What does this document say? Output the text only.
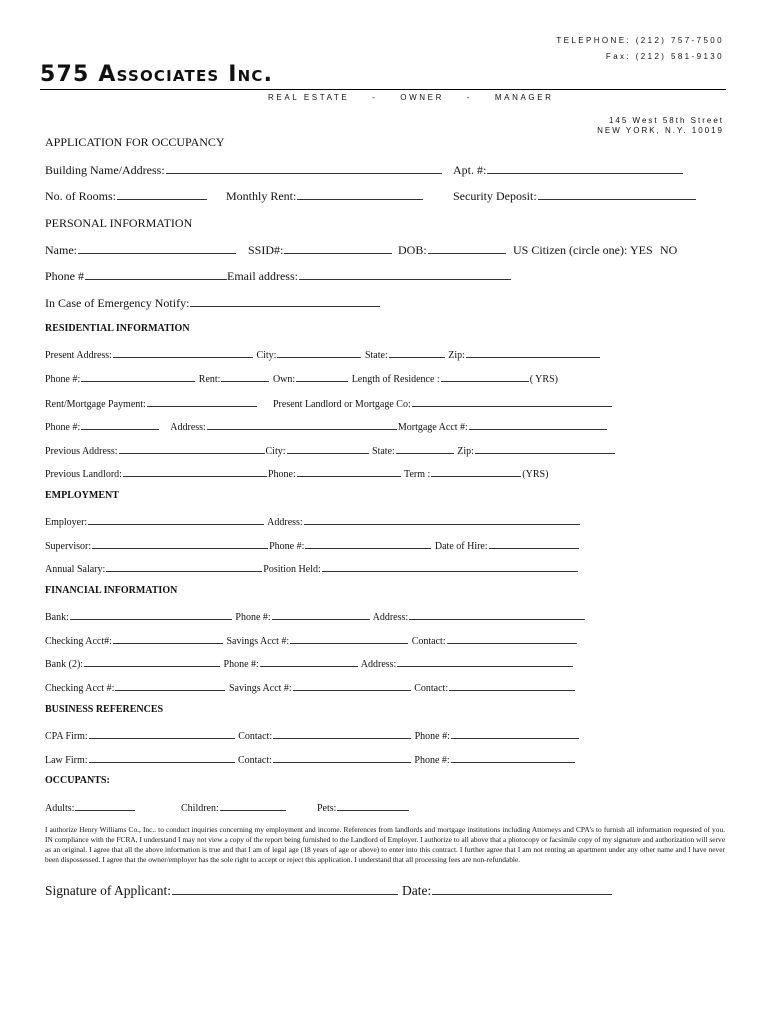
TELEPHONE: (212) 757-7500
Fax: (212) 581-9130
575 Associates Inc.
REAL ESTATE	-	OWNER	-	MANAGER
145 West 58th Street
NEW YORK, N.Y. 10019
APPLICATION FOR OCCUPANCY
Building Name/Address:	Apt. #:
No. of Rooms:	Monthly Rent:	Security Deposit:
PERSONAL INFORMATION
Name:	SSID#:	DOB:	US Citizen (circle one): YES NO
Phone #	Email address:
In Case of Emergency Notify:
RESIDENTIAL INFORMATION
Present Address:	City:	State:	Zip:
Phone #:	Rent:	Own:	Length of Residence :	( YRS)
Rent/Mortgage Payment:	Present Landlord or Mortgage Co:
Phone #:	Address:	Mortgage Acct #:
Previous Address:	City:	State:	Zip:
Previous Landlord:	Phone:	Term :	(YRS)
EMPLOYMENT
Employer:	Address:
Supervisor:	Phone #:	Date of Hire:
Annual Salary:	Position Held:
FINANCIAL INFORMATION
Bank:	Phone #:	Address:
Checking Acct#:	Savings Acct #:	Contact:
Bank (2):	Phone #:	Address:
Checking Acct #:	Savings Acct #:	Contact:
BUSINESS REFERENCES
CPA Firm:	Contact:	Phone #:
Law Firm:	Contact:	Phone #:
OCCUPANTS:
Adults:	Children:	Pets:
I authorize Henry Williams Co., Inc.. to conduct inquiries concerning my employment and income. References from landlords and mortgage institutions including Attorneys and CPA's to furnish all information requested of you. IN compliance with the FCRA, I understand I may not view a copy of the report being furnished to the Landlord of Employer. I authorize to all above that a photocopy or facsimile copy of my signature and authorization will serve as an original. I agree that all the above information is true and that I am of legal age (18 years of age or above) to enter into this contract. I further agree that I am not renting an apartment under any other name and I have never been dispossessed. I agree that the owner/employer has the sole right to accept or reject this application. I understand that all processing fees are non-refundable.
Signature of Applicant:	Date:
